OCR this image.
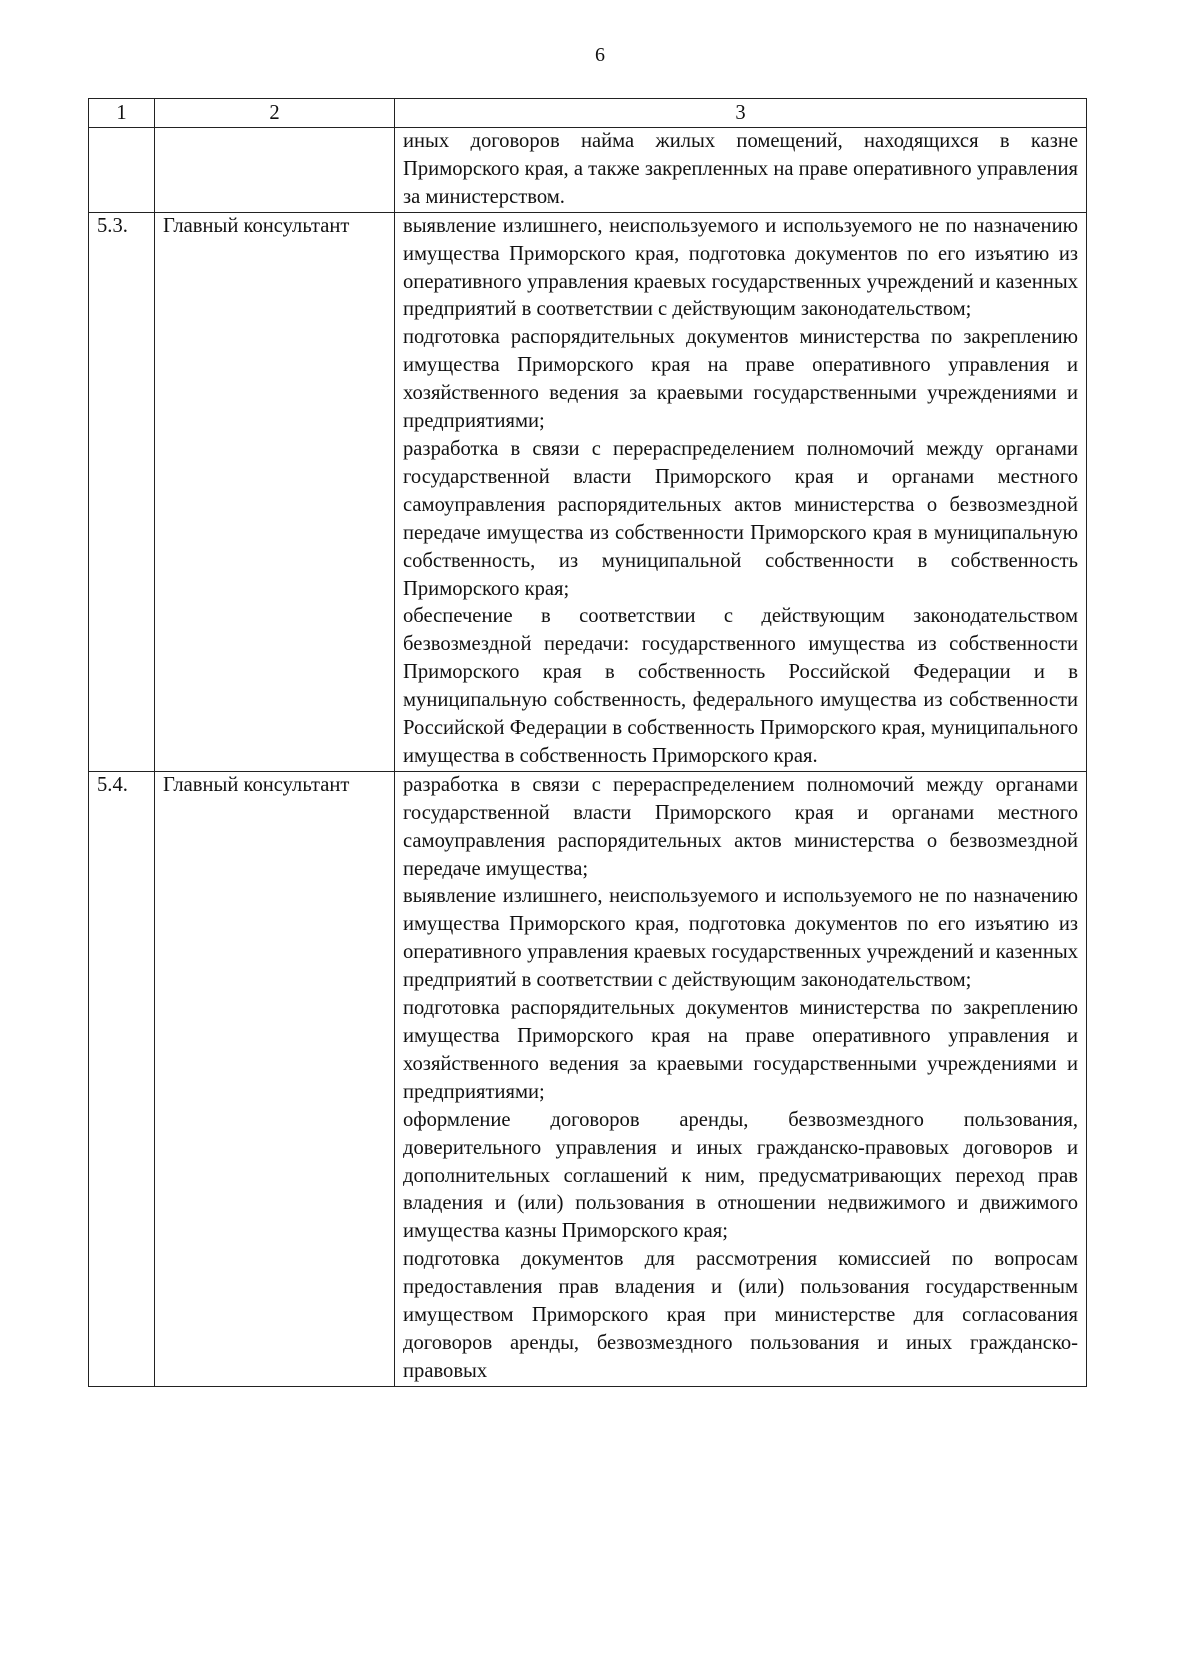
6
1	2	3

		иных договоров найма жилых помещений, находящихся в казне Приморского края, а также закрепленных на праве оперативного управления за министерством.

5.3.	Главный консультант	выявление излишнего, неиспользуемого и используемого не по назначению имущества Приморского края, подготовка документов по его изъятию из оперативного управления краевых государственных учреждений и казенных предприятий в соответствии с действующим законодательством;

подготовка распорядительных документов министерства по закреплению имущества Приморского края на праве оперативного управления и хозяйственного ведения за краевыми государственными учреждениями и предприятиями;

разработка в связи с перераспределением полномочий между органами государственной власти Приморского края и органами местного самоуправления распорядительных актов министерства о безвозмездной передаче имущества из собственности Приморского края в муниципальную собственность, из муниципальной собственности в собственность Приморского края;

обеспечение в соответствии с действующим законодательством безвозмездной передачи: государственного имущества из собственности Приморского края в собственность Российской Федерации и в муниципальную собственность, федерального имущества из собственности Российской Федерации в собственность Приморского края, муниципального имущества в собственность Приморского края.

5.4.	Главный консультант	разработка в связи с перераспределением полномочий между органами государственной власти Приморского края и органами местного самоуправления распорядительных актов министерства о безвозмездной передаче имущества;

выявление излишнего, неиспользуемого и используемого не по назначению имущества Приморского края, подготовка документов по его изъятию из оперативного управления краевых государственных учреждений и казенных предприятий в соответствии с действующим законодательством;

подготовка распорядительных документов министерства по закреплению имущества Приморского края на праве оперативного управления и хозяйственного ведения за краевыми государственными учреждениями и предприятиями;

оформление договоров аренды, безвозмездного пользования, доверительного управления и иных гражданско-правовых договоров и дополнительных соглашений к ним, предусматривающих переход прав владения и (или) пользования в отношении недвижимого и движимого имущества казны Приморского края;

подготовка документов для рассмотрения комиссией по вопросам предоставления прав владения и (или) пользования государственным имуществом Приморского края при министерстве для согласования договоров аренды, безвозмездного пользования и иных гражданско-правовых
